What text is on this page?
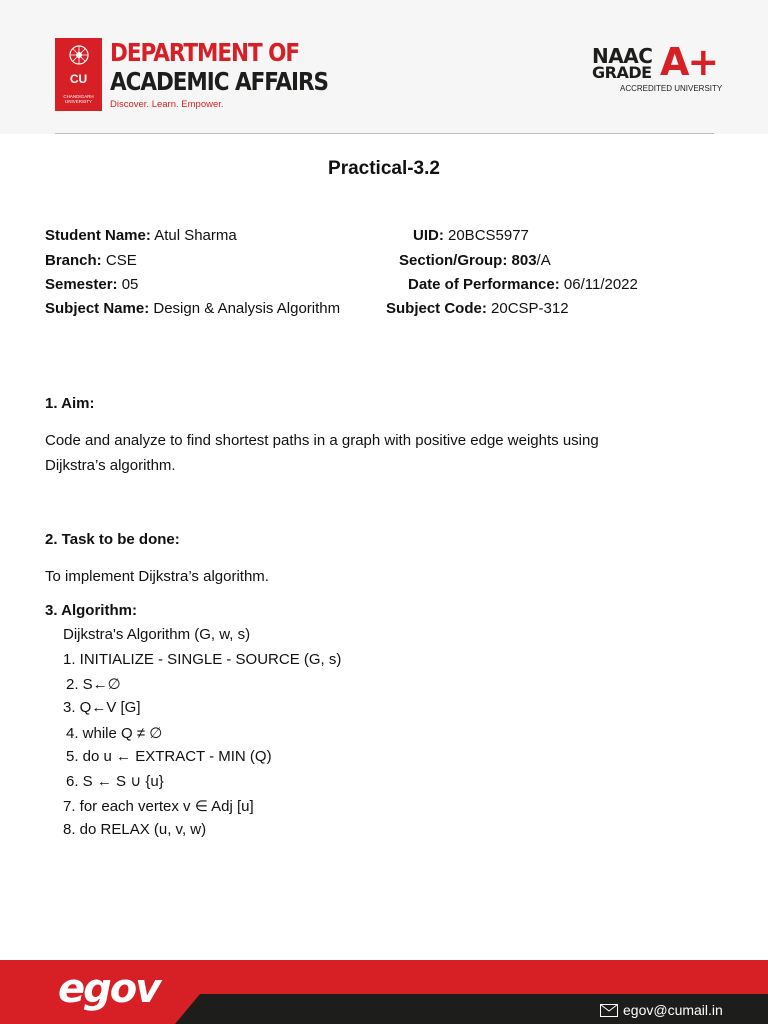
CU
CHANDIGARH UNIVERSITY
DEPARTMENT OF
ACADEMIC AFFAIRS
Discover. Learn. Empower.
NAAC
GRADE A+
ACCREDITED UNIVERSITY
Practical-3.2
Student Name: Atul Sharma	UID: 20BCS5977
Branch: CSE	Section/Group: 803/A
Semester: 05	Date of Performance: 06/11/2022
Subject Name: Design & Analysis Algorithm	Subject Code: 20CSP-312
1. Aim:
Code and analyze to find shortest paths in a graph with positive edge weights using
Dijkstra’s algorithm.
2. Task to be done:
To implement Dijkstra’s algorithm.
3. Algorithm:
Dijkstra's Algorithm (G, w, s)
1. INITIALIZE - SINGLE - SOURCE (G, s)
2. S←∅
3. Q←V [G]
4. while Q ≠ ∅
5. do u ← EXTRACT - MIN (Q)
6. S ← S ∪ {u}
7. for each vertex v ∈ Adj [u]
8. do RELAX (u, v, w)
egov	egov@cumail.in
